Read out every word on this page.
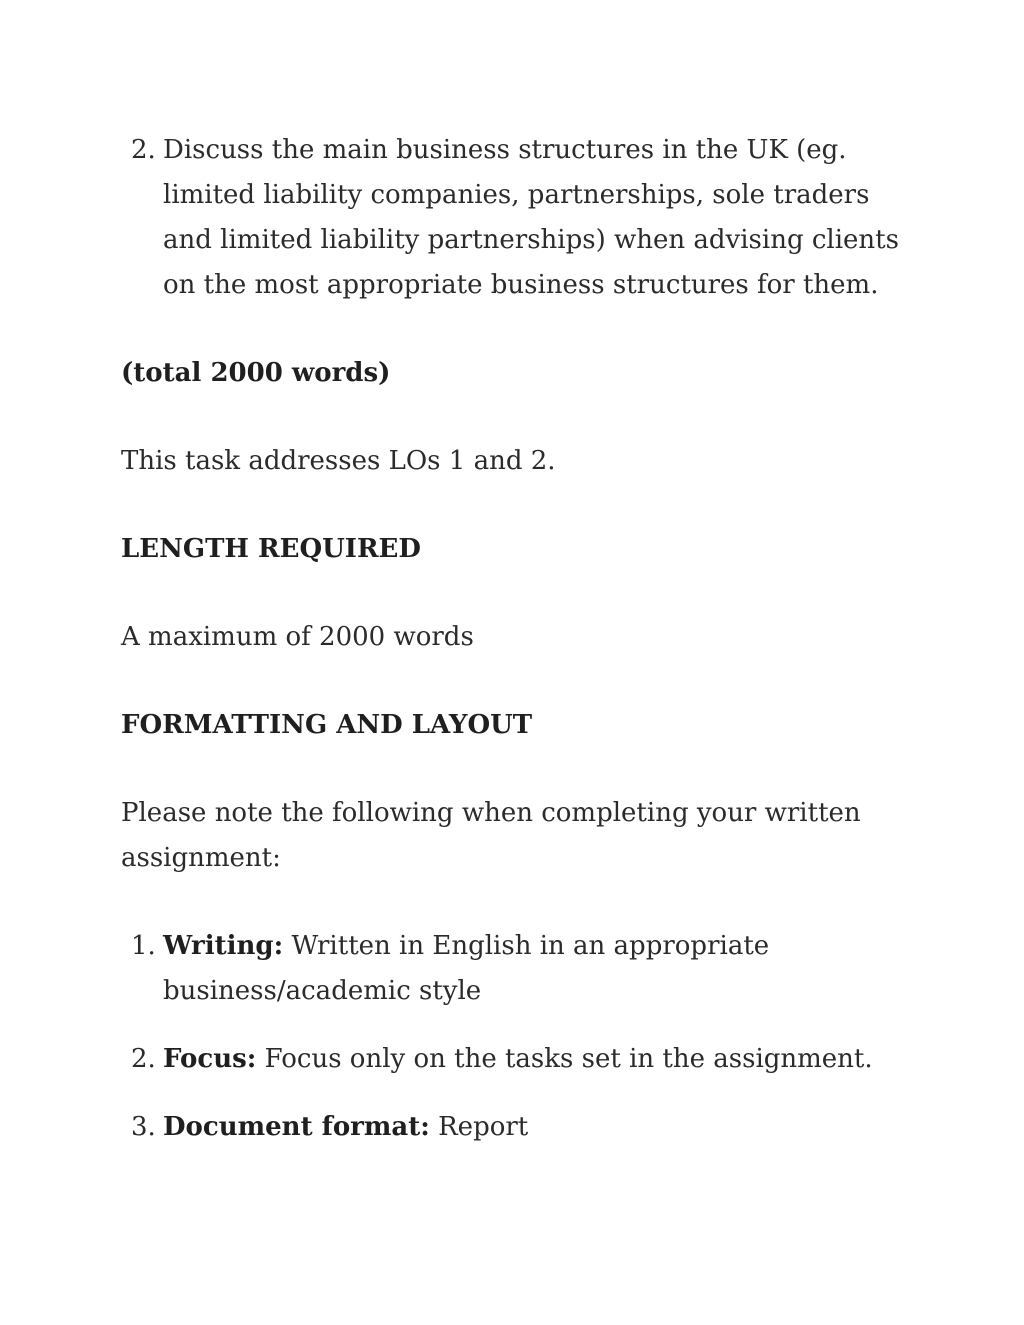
2. Discuss the main business structures in the UK (eg. limited liability companies, partnerships, sole traders and limited liability partnerships) when advising clients on the most appropriate business structures for them.

(total 2000 words)

This task addresses LOs 1 and 2.

LENGTH REQUIRED

A maximum of 2000 words

FORMATTING AND LAYOUT

Please note the following when completing your written assignment:

1. Writing: Written in English in an appropriate business/academic style
2. Focus: Focus only on the tasks set in the assignment.
3. Document format: Report
